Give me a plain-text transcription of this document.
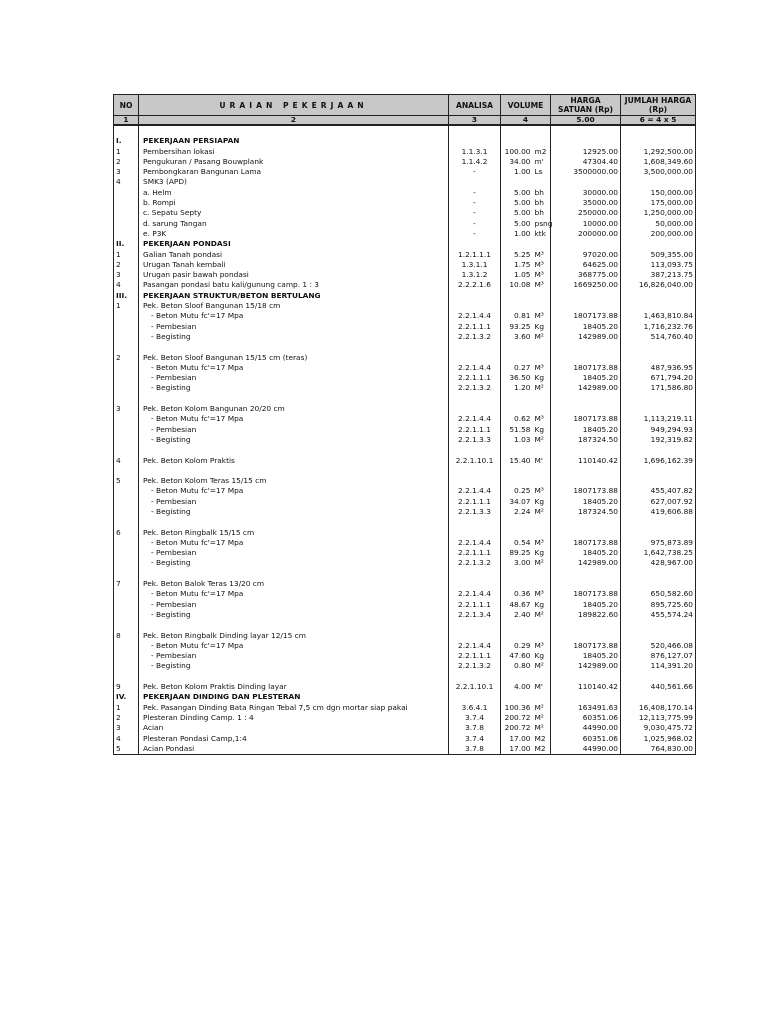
NO	URAIAN PEKERJAAN	ANALISA	VOLUME		HARGA SATUAN (Rp)	JUMLAH HARGA (Rp)
1	2	3	4		5.00	6 = 4 x 5

I.	PEKERJAAN PERSIAPAN					
1	Pembersihan lokasi	1.1.3.1	100.00	m2	12925.00	1,292,500.00
2	Pengukuran / Pasang Bouwplank	1.1.4.2	34.00	m'	47304.40	1,608,349.60
3	Pembongkaran Bangunan Lama	-	1.00	Ls	3500000.00	3,500,000.00
4	SMK3 (APD)					
	a. Helm	-	5.00	bh	30000.00	150,000.00
	b. Rompi	-	5.00	bh	35000.00	175,000.00
	c. Sepatu Septy	-	5.00	bh	250000.00	1,250,000.00
	d. sarung Tangan	-	5.00	psng	10000.00	50,000.00
	e. P3K	-	1.00	ktk	200000.00	200,000.00
II.	PEKERJAAN PONDASI					
1	Galian Tanah pondasi	1.2.1.1.1	5.25	M³	97020.00	509,355.00
2	Urugan Tanah kembali	1.3.1.1	1.75	M³	64625.00	113,093.75
3	Urugan pasir bawah pondasi	1.3.1.2	1.05	M³	368775.00	387,213.75
4	Pasangan pondasi batu kali/gunung camp. 1 : 3	2.2.2.1.6	10.08	M³	1669250.00	16,826,040.00
III.	PEKERJAAN STRUKTUR/BETON BERTULANG					
1	Pek. Beton Sloof Bangunan 15/18 cm					
	- Beton Mutu fc'=17 Mpa	2.2.1.4.4	0.81	M³	1807173.88	1,463,810.84
	- Pembesian	2.2.1.1.1	93.25	Kg	18405.20	1,716,232.76
	- Begisting	2.2.1.3.2	3.60	M²	142989.00	514,760.40

2	Pek. Beton Sloof Bangunan 15/15 cm (teras)					
	- Beton Mutu fc'=17 Mpa	2.2.1.4.4	0.27	M³	1807173.88	487,936.95
	- Pembesian	2.2.1.1.1	36.50	Kg	18405.20	671,794.20
	- Begisting	2.2.1.3.2	1.20	M²	142989.00	171,586.80

3	Pek. Beton Kolom Bangunan 20/20 cm					
	- Beton Mutu fc'=17 Mpa	2.2.1.4.4	0.62	M³	1807173.88	1,113,219.11
	- Pembesian	2.2.1.1.1	51.58	Kg	18405.20	949,294.93
	- Begisting	2.2.1.3.3	1.03	M²	187324.50	192,319.82

4	Pek. Beton Kolom Praktis	2.2.1.10.1	15.40	M'	110140.42	1,696,162.39

5	Pek. Beton Kolom Teras 15/15 cm					
	- Beton Mutu fc'=17 Mpa	2.2.1.4.4	0.25	M³	1807173.88	455,407.82
	- Pembesian	2.2.1.1.1	34.07	Kg	18405.20	627,007.92
	- Begisting	2.2.1.3.3	2.24	M²	187324.50	419,606.88

6	Pek. Beton Ringbalk 15/15 cm					
	- Beton Mutu fc'=17 Mpa	2.2.1.4.4	0.54	M³	1807173.88	975,873.89
	- Pembesian	2.2.1.1.1	89.25	Kg	18405.20	1,642,738.25
	- Begisting	2.2.1.3.2	3.00	M²	142989.00	428,967.00

7	Pek. Beton Balok Teras 13/20 cm					
	- Beton Mutu fc'=17 Mpa	2.2.1.4.4	0.36	M³	1807173.88	650,582.60
	- Pembesian	2.2.1.1.1	48.67	Kg	18405.20	895,725.60
	- Begisting	2.2.1.3.4	2.40	M²	189822.60	455,574.24

8	Pek. Beton Ringbalk Dinding layar 12/15 cm					
	- Beton Mutu fc'=17 Mpa	2.2.1.4.4	0.29	M³	1807173.88	520,466.08
	- Pembesian	2.2.1.1.1	47.60	Kg	18405.20	876,127.07
	- Begisting	2.2.1.3.2	0.80	M²	142989.00	114,391.20

9	Pek. Beton Kolom Praktis Dinding layar	2.2.1.10.1	4.00	M'	110140.42	440,561.66
IV.	PEKERJAAN DINDING DAN PLESTERAN					
1	Pek. Pasangan Dinding Bata Ringan Tebal 7,5 cm dgn mortar siap pakai	3.6.4.1	100.36	M²	163491.63	16,408,170.14
2	Plesteran Dinding Camp. 1 : 4	3.7.4	200.72	M²	60351.06	12,113,775.99
3	Acian	3.7.8	200.72	M²	44990.00	9,030,475.72
4	Plesteran Pondasi Camp,1:4	3.7.4	17.00	M2	60351.06	1,025,968.02
5	Acian Pondasi	3.7.8	17.00	M2	44990.00	764,830.00
